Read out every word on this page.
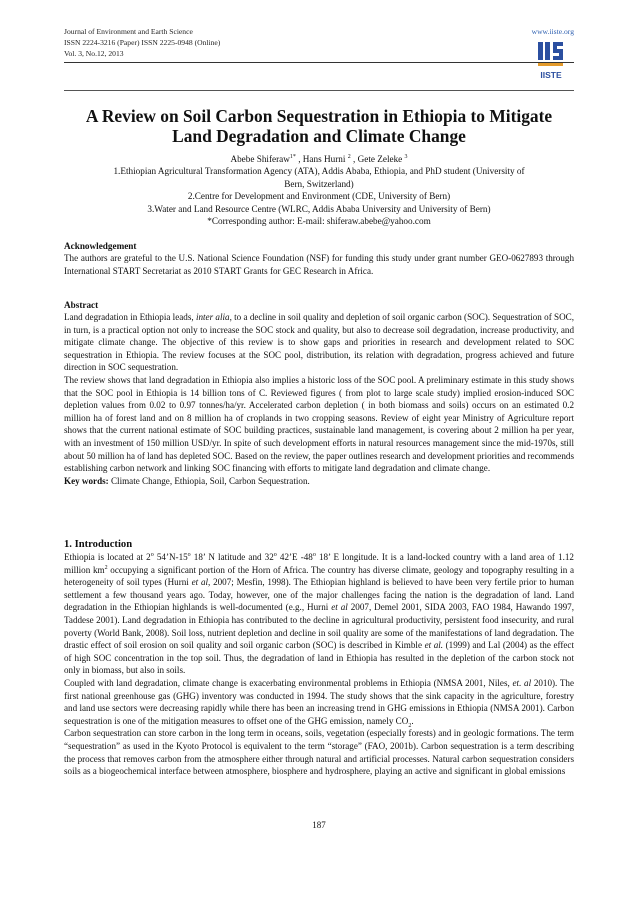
Journal of Environment and Earth Science
ISSN 2224-3216 (Paper) ISSN 2225-0948 (Online)
Vol. 3, No.12, 2013
www.iiste.org
IISTE
A Review on Soil Carbon Sequestration in Ethiopia to Mitigate
Land Degradation and Climate Change
Abebe Shiferaw$^{1*}$ , Hans Hurni $^2$ , Gete Zeleke $^3$
1.Ethiopian Agricultural Transformation Agency (ATA), Addis Ababa, Ethiopia, and PhD student (University of
Bern, Switzerland)
2.Centre for Development and Environment (CDE, University of Bern)
3.Water and Land Resource Centre (WLRC, Addis Ababa University and University of Bern)
*Corresponding author: E-mail: shiferaw.abebe@yahoo.com
Acknowledgement
The authors are grateful to the U.S. National Science Foundation (NSF) for funding this study under grant number GEO-0627893 through International START Secretariat as 2010 START Grants for GEC Research in Africa.
Abstract

Land degradation in Ethiopia leads, inter alia, to a decline in soil quality and depletion of soil organic carbon (SOC). Sequestration of SOC, in turn, is a practical option not only to increase the SOC stock and quality, but also to decrease soil degradation, increase productivity, and mitigate climate change. The objective of this review is to show gaps and priorities in research and development related to SOC sequestration in Ethiopia. The review focuses at the SOC pool, distribution, its relation with degradation, progress achieved and future direction in SOC sequestration.

The review shows that land degradation in Ethiopia also implies a historic loss of the SOC pool. A preliminary estimate in this study shows that the SOC pool in Ethiopia is 14 billion tons of C. Reviewed figures ( from plot to large scale study) implied erosion-induced SOC depletion values from 0.02 to 0.97 tonnes/ha/yr. Accelerated carbon depletion ( in both biomass and soils) occurs on an estimated 0.2 million ha of forest land and on 8 million ha of croplands in two cropping seasons. Review of eight year Ministry of Agriculture report shows that the current national estimate of SOC building practices, sustainable land management, is covering about 2 million ha per year, with an investment of 150 million USD/yr. In spite of such development efforts in natural resources management since the mid-1970s, still about 50 million ha of land has depleted SOC. Based on the review, the paper outlines research and development priorities and recommends establishing carbon network and linking SOC financing with efforts to mitigate land degradation and climate change.

Key words: Climate Change, Ethiopia, Soil, Carbon Sequestration.

1. Introduction

Ethiopia is located at 2$^o$ 54’N-15$^o$ 18’ N latitude and 32$^o$ 42’E -48$^o$ 18’ E longitude. It is a land-locked country with a land area of 1.12 million $km^2$ occupying a significant portion of the Horn of Africa. The country has diverse climate, geology and topography resulting in a heterogeneity of soil types (Hurni et al, 2007; Mesfin, 1998). The Ethiopian highland is believed to have been very fertile prior to human settlement a few thousand years ago. Today, however, one of the major challenges facing the nation is the degradation of land. Land degradation in the Ethiopian highlands is well-documented (e.g., Hurni et al 2007, Demel 2001, SIDA 2003, FAO 1984, Hawando 1997, Taddese 2001). Land degradation in Ethiopia has contributed to the decline in agricultural productivity, persistent food insecurity, and rural poverty (World Bank, 2008). Soil loss, nutrient depletion and decline in soil quality are some of the manifestations of land degradation. The drastic effect of soil erosion on soil quality and soil organic carbon (SOC) is described in Kimble et al. (1999) and Lal (2004) as the effect of high SOC concentration in the top soil. Thus, the degradation of land in Ethiopia has resulted in the depletion of the carbon stock not only in biomass, but also in soils.

Coupled with land degradation, climate change is exacerbating environmental problems in Ethiopia (NMSA 2001, Niles, et. al 2010). The first national greenhouse gas (GHG) inventory was conducted in 1994. The study shows that the sink capacity in the agriculture, forestry and land use sectors were decreasing rapidly while there has been an increasing trend in GHG emissions in Ethiopia (NMSA 2001). Carbon sequestration is one of the mitigation measures to offset one of the GHG emission, namely $CO_2$.

Carbon sequestration can store carbon in the long term in oceans, soils, vegetation (especially forests) and in geologic formations. The term “sequestration” as used in the Kyoto Protocol is equivalent to the term “storage” (FAO, 2001b). Carbon sequestration is a term describing the process that removes carbon from the atmosphere either through natural and artificial processes. Natural carbon sequestration considers soils as a biogeochemical interface between atmosphere, biosphere and hydrosphere, playing an active and significant in global emissions

187
